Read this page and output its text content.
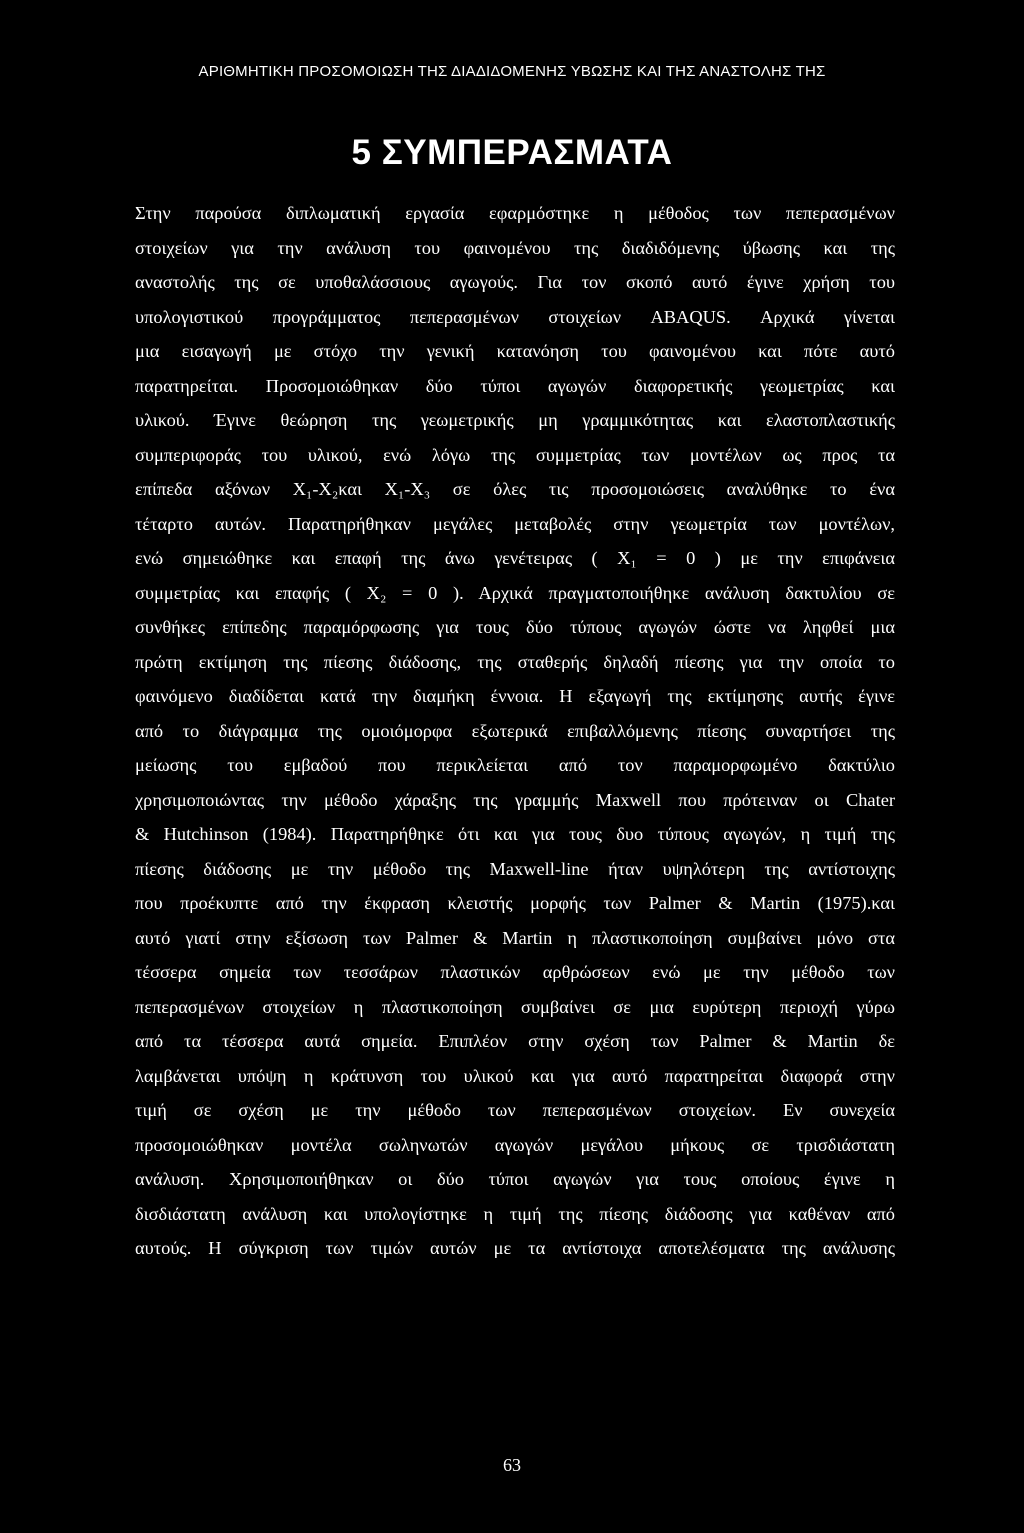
ΑΡΙΘΜΗΤΙΚΗ ΠΡΟΣΟΜΟΙΩΣΗ ΤΗΣ ΔΙΑΔΙΔΟΜΕΝΗΣ ΥΒΩΣΗΣ ΚΑΙ ΤΗΣ ΑΝΑΣΤΟΛΗΣ ΤΗΣ
5 ΣΥΜΠΕΡΑΣΜΑΤΑ
Στην παρούσα διπλωματική εργασία εφαρμόστηκε η μέθοδος των πεπερασμένων
στοιχείων για την ανάλυση του φαινομένου της διαδιδόμενης ύβωσης και της
αναστολής της σε υποθαλάσσιους αγωγούς. Για τον σκοπό αυτό έγινε χρήση του
υπολογιστικού προγράμματος πεπερασμένων στοιχείων ABAQUS. Αρχικά γίνεται
μια εισαγωγή με στόχο την γενική κατανόηση του φαινομένου και πότε αυτό
παρατηρείται. Προσομοιώθηκαν δύο τύποι αγωγών διαφορετικής γεωμετρίας και
υλικού. Έγινε θεώρηση της γεωμετρικής μη γραμμικότητας και ελαστοπλαστικής
συμπεριφοράς του υλικού, ενώ λόγω της συμμετρίας των μοντέλων ως προς τα
επίπεδα αξόνων X₁-X₂και X₁-X₃ σε όλες τις προσομοιώσεις αναλύθηκε το ένα
τέταρτο αυτών. Παρατηρήθηκαν μεγάλες μεταβολές στην γεωμετρία των μοντέλων,
ενώ σημειώθηκε και επαφή της άνω γενέτειρας ( X₁ = 0 ) με την επιφάνεια
συμμετρίας και επαφής ( X₂ = 0 ). Αρχικά πραγματοποιήθηκε ανάλυση δακτυλίου σε
συνθήκες επίπεδης παραμόρφωσης για τους δύο τύπους αγωγών ώστε να ληφθεί μια
πρώτη εκτίμηση της πίεσης διάδοσης, της σταθερής δηλαδή πίεσης για την οποία το
φαινόμενο διαδίδεται κατά την διαμήκη έννοια. Η εξαγωγή της εκτίμησης αυτής έγινε
από το διάγραμμα της ομοιόμορφα εξωτερικά επιβαλλόμενης πίεσης συναρτήσει της
μείωσης του εμβαδού που περικλείεται από τον παραμορφωμένο δακτύλιο
χρησιμοποιώντας την μέθοδο χάραξης της γραμμής Maxwell που πρότειναν οι Chater
& Hutchinson (1984). Παρατηρήθηκε ότι και για τους δυο τύπους αγωγών, η τιμή της
πίεσης διάδοσης με την μέθοδο της Maxwell-line ήταν υψηλότερη της αντίστοιχης
που προέκυπτε από την έκφραση κλειστής μορφής των Palmer & Martin (1975).και
αυτό γιατί στην εξίσωση των Palmer & Martin η πλαστικοποίηση συμβαίνει μόνο στα
τέσσερα σημεία των τεσσάρων πλαστικών αρθρώσεων ενώ με την μέθοδο των
πεπερασμένων στοιχείων η πλαστικοποίηση συμβαίνει σε μια ευρύτερη περιοχή γύρω
από τα τέσσερα αυτά σημεία. Επιπλέον στην σχέση των Palmer & Martin δε
λαμβάνεται υπόψη η κράτυνση του υλικού και για αυτό παρατηρείται διαφορά στην
τιμή σε σχέση με την μέθοδο των πεπερασμένων στοιχείων. Εν συνεχεία
προσομοιώθηκαν μοντέλα σωληνωτών αγωγών μεγάλου μήκους σε τρισδιάστατη
ανάλυση. Χρησιμοποιήθηκαν οι δύο τύποι αγωγών για τους οποίους έγινε η
δισδιάστατη ανάλυση και υπολογίστηκε η τιμή της πίεσης διάδοσης για καθέναν από
αυτούς. Η σύγκριση των τιμών αυτών με τα αντίστοιχα αποτελέσματα της ανάλυσης
63
